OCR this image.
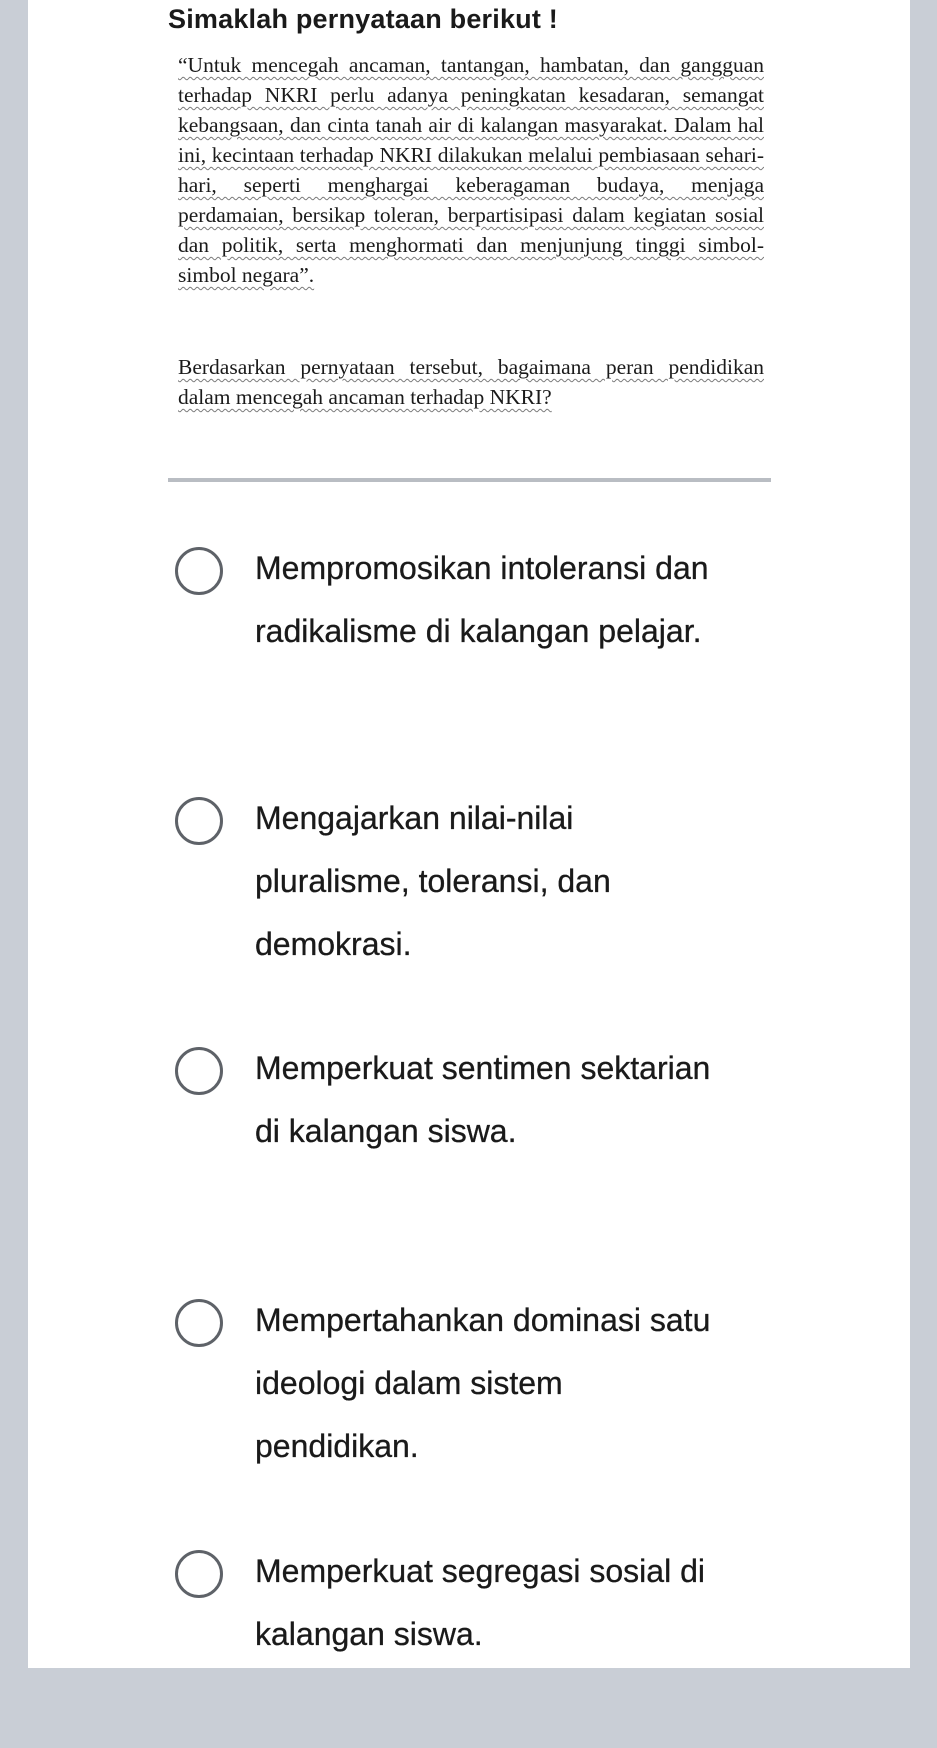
Simaklah pernyataan berikut !
“Untuk mencegah ancaman, tantangan, hambatan, dan gangguan terhadap NKRI perlu adanya peningkatan kesadaran, semangat kebangsaan, dan cinta tanah air di kalangan masyarakat. Dalam hal ini, kecintaan terhadap NKRI dilakukan melalui pembiasaan sehari-hari, seperti menghargai keberagaman budaya, menjaga perdamaian, bersikap toleran, berpartisipasi dalam kegiatan sosial dan politik, serta menghormati dan menjunjung tinggi simbol-simbol negara”.
Berdasarkan pernyataan tersebut, bagaimana peran pendidikan dalam mencegah ancaman terhadap NKRI?
Mempromosikan intoleransi dan radikalisme di kalangan pelajar.
Mengajarkan nilai-nilai pluralisme, toleransi, dan demokrasi.
Memperkuat sentimen sektarian di kalangan siswa.
Mempertahankan dominasi satu ideologi dalam sistem pendidikan.
Memperkuat segregasi sosial di kalangan siswa.
